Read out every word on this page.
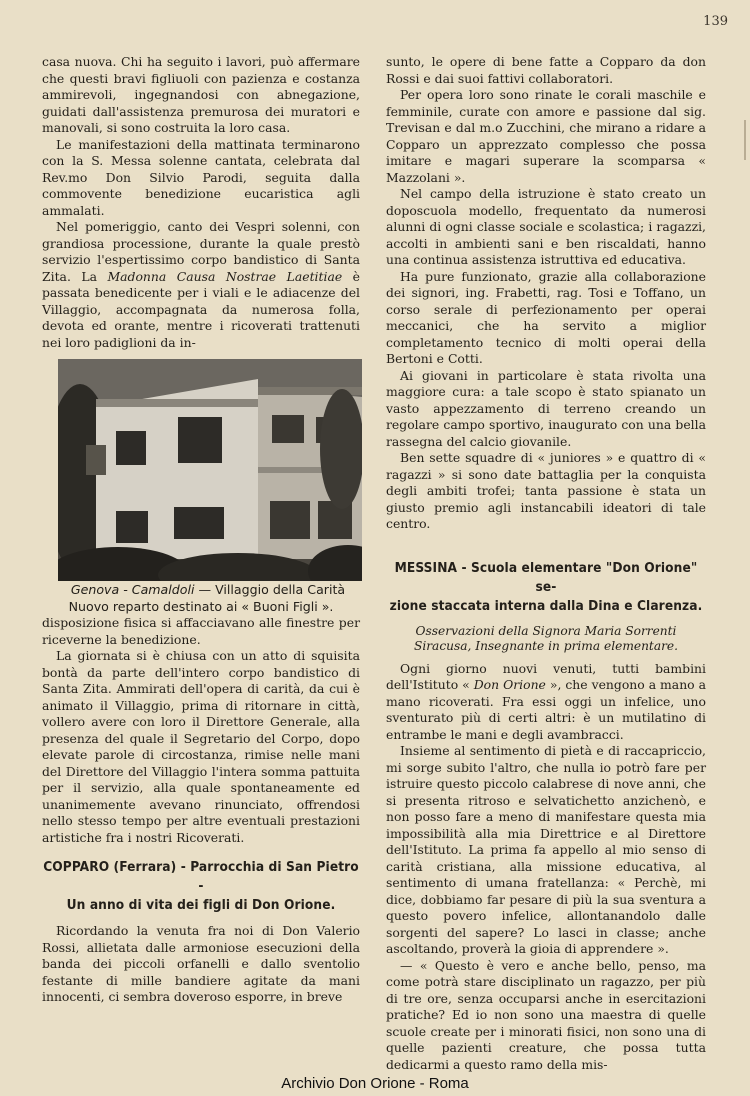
139

casa nuova. Chi ha seguito i lavori, può affermare che questi bravi figliuoli con pazienza e costanza ammirevoli, ingegnandosi con abnegazione, guidati dall'assistenza premurosa dei muratori e manovali, si sono costruita la loro casa.

Le manifestazioni della mattinata terminarono con la S. Messa solenne cantata, celebrata dal Rev.mo Don Silvio Parodi, seguita dalla commovente benedizione eucaristica agli ammalati.

Nel pomeriggio, canto dei Vespri solenni, con grandiosa processione, durante la quale prestò servizio l'espertissimo corpo bandistico di Santa Zita. La Madonna Causa Nostrae Laetitiae è passata benedicente per i viali e le adiacenze del Villaggio, accompagnata da numerosa folla, devota ed orante, mentre i ricoverati trattenuti nei loro padiglioni da in-

Genova - Camaldoli — Villaggio della Carità
Nuovo reparto destinato ai « Buoni Figli ».

disposizione fisica si affacciavano alle finestre per riceverne la benedizione.

La giornata si è chiusa con un atto di squisita bontà da parte dell'intero corpo bandistico di Santa Zita. Ammirati dell'opera di carità, da cui è animato il Villaggio, prima di ritornare in città, vollero avere con loro il Direttore Generale, alla presenza del quale il Segretario del Corpo, dopo elevate parole di circostanza, rimise nelle mani del Direttore del Villaggio l'intera somma pattuita per il servizio, alla quale spontaneamente ed unanimemente avevano rinunciato, offrendosi nello stesso tempo per altre eventuali prestazioni artistiche fra i nostri Ricoverati.

COPPARO (Ferrara) - Parrocchia di San Pietro -
Un anno di vita dei figli di Don Orione.

Ricordando la venuta fra noi di Don Valerio Rossi, allietata dalle armoniose esecuzioni della banda dei piccoli orfanelli e dallo sventolio festante di mille bandiere agitate da mani innocenti, ci sembra doveroso esporre, in breve

sunto, le opere di bene fatte a Copparo da don Rossi e dai suoi fattivi collaboratori.

Per opera loro sono rinate le corali maschile e femminile, curate con amore e passione dal sig. Trevisan e dal m.o Zucchini, che mirano a ridare a Copparo un apprezzato complesso che possa imitare e magari superare la scomparsa « Mazzolani ».

Nel campo della istruzione è stato creato un doposcuola modello, frequentato da numerosi alunni di ogni classe sociale e scolastica; i ragazzi, accolti in ambienti sani e ben riscaldati, hanno una continua assistenza istruttiva ed educativa.

Ha pure funzionato, grazie alla collaborazione dei signori, ing. Frabetti, rag. Tosi e Toffano, un corso serale di perfezionamento per operai meccanici, che ha servito a miglior completamento tecnico di molti operai della Bertoni e Cotti.

Ai giovani in particolare è stata rivolta una maggiore cura: a tale scopo è stato spianato un vasto appezzamento di terreno creando un regolare campo sportivo, inaugurato con una bella rassegna del calcio giovanile.

Ben sette squadre di « juniores » e quattro di « ragazzi » si sono date battaglia per la conquista degli ambiti trofei; tanta passione è stata un giusto premio agli instancabili ideatori di tale centro.

MESSINA - Scuola elementare "Don Orione" se-
zione staccata interna dalla Dina e Clarenza.
Osservazioni della Signora Maria Sorrenti
Siracusa, Insegnante in prima elementare.

Ogni giorno nuovi venuti, tutti bambini dell'Istituto « Don Orione », che vengono a mano a mano ricoverati. Fra essi oggi un infelice, uno sventurato più di certi altri: è un mutilatino di entrambe le mani e degli avambracci.

Insieme al sentimento di pietà e di raccapriccio, mi sorge subito l'altro, che nulla io potrò fare per istruire questo piccolo calabrese di nove anni, che si presenta ritroso e selvatichetto anzichenò, e non posso fare a meno di manifestare questa mia impossibilità alla mia Direttrice e al Direttore dell'Istituto. La prima fa appello al mio senso di carità cristiana, alla missione educativa, al sentimento di umana fratellanza: « Perchè, mi dice, dobbiamo far pesare di più la sua sventura a questo povero infelice, allontanandolo dalle sorgenti del sapere? Lo lasci in classe; anche ascoltando, proverà la gioia di apprendere ».

— « Questo è vero e anche bello, penso, ma come potrà stare disciplinato un ragazzo, per più di tre ore, senza occuparsi anche in esercitazioni pratiche? Ed io non sono una maestra di quelle scuole create per i minorati fisici, non sono una di quelle pazienti creature, che possa tutta dedicarmi a questo ramo della mis-

Archivio Don Orione - Roma
